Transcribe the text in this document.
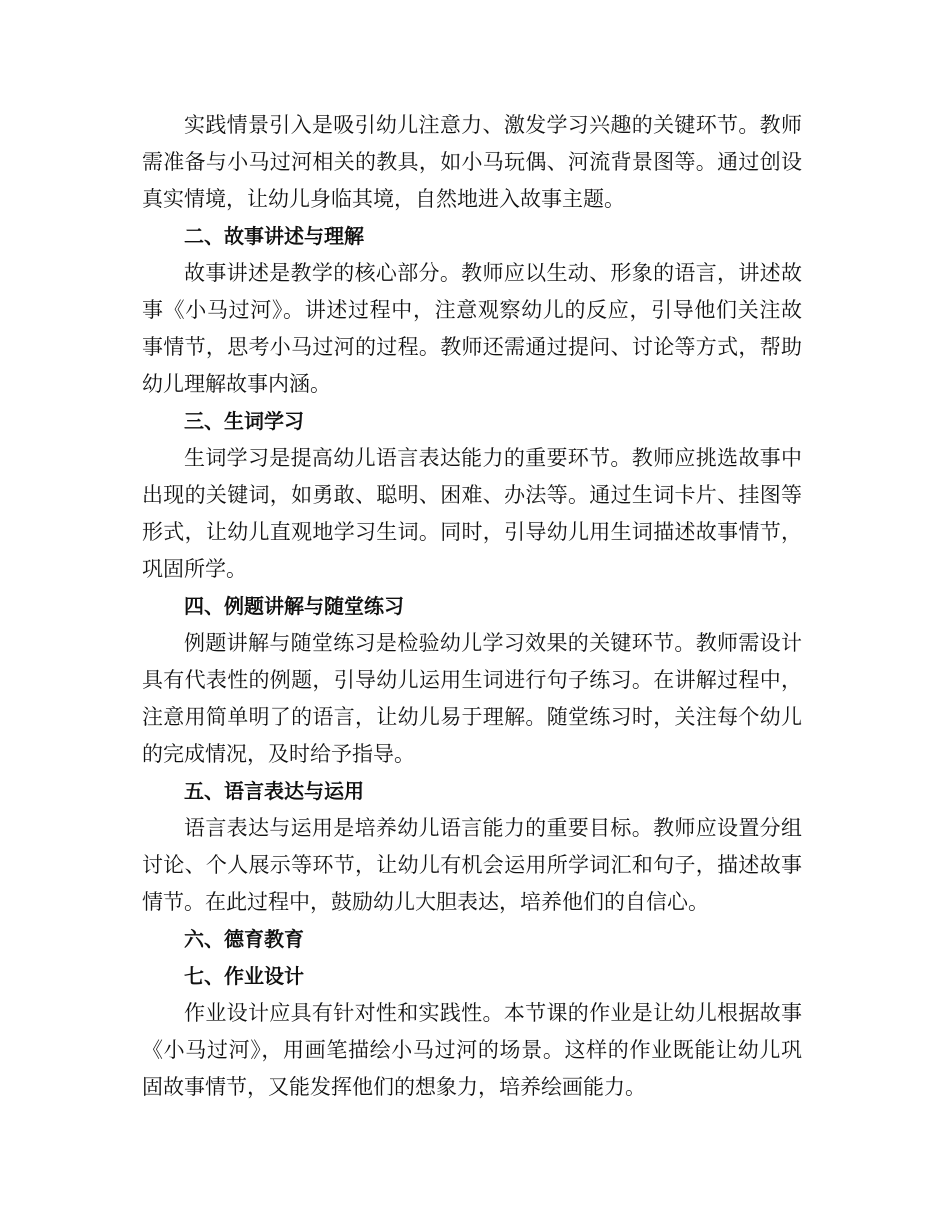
实践情景引入是吸引幼儿注意力、激发学习兴趣的关键环节。教师需准备与小马过河相关的教具，如小马玩偶、河流背景图等。通过创设真实情境，让幼儿身临其境，自然地进入故事主题。

二、故事讲述与理解

故事讲述是教学的核心部分。教师应以生动、形象的语言，讲述故事《小马过河》。讲述过程中，注意观察幼儿的反应，引导他们关注故事情节，思考小马过河的过程。教师还需通过提问、讨论等方式，帮助幼儿理解故事内涵。

三、生词学习

生词学习是提高幼儿语言表达能力的重要环节。教师应挑选故事中出现的关键词，如勇敢、聪明、困难、办法等。通过生词卡片、挂图等形式，让幼儿直观地学习生词。同时，引导幼儿用生词描述故事情节，巩固所学。

四、例题讲解与随堂练习

例题讲解与随堂练习是检验幼儿学习效果的关键环节。教师需设计具有代表性的例题，引导幼儿运用生词进行句子练习。在讲解过程中，注意用简单明了的语言，让幼儿易于理解。随堂练习时，关注每个幼儿的完成情况，及时给予指导。

五、语言表达与运用

语言表达与运用是培养幼儿语言能力的重要目标。教师应设置分组讨论、个人展示等环节，让幼儿有机会运用所学词汇和句子，描述故事情节。在此过程中，鼓励幼儿大胆表达，培养他们的自信心。

六、德育教育
七、作业设计

作业设计应具有针对性和实践性。本节课的作业是让幼儿根据故事《小马过河》，用画笔描绘小马过河的场景。这样的作业既能让幼儿巩固故事情节，又能发挥他们的想象力，培养绘画能力。
